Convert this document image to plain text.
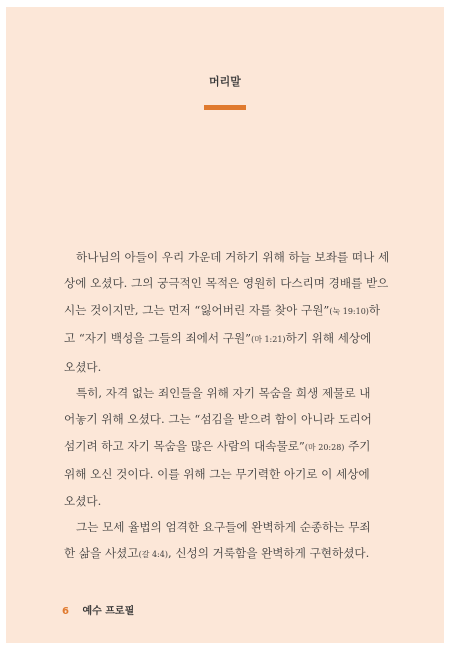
머리말
하나님의 아들이 우리 가운데 거하기 위해 하늘 보좌를 떠나 세
상에 오셨다. 그의 궁극적인 목적은 영원히 다스리며 경배를 받으
시는 것이지만, 그는 먼저 “잃어버린 자를 찾아 구원”(눅 19:10)하
고 “자기 백성을 그들의 죄에서 구원”(마 1:21)하기 위해 세상에
오셨다.
특히, 자격 없는 죄인들을 위해 자기 목숨을 희생 제물로 내
어놓기 위해 오셨다. 그는 “섬김을 받으려 함이 아니라 도리어
섬기려 하고 자기 목숨을 많은 사람의 대속물로”(마 20:28) 주기
위해 오신 것이다. 이를 위해 그는 무기력한 아기로 이 세상에
오셨다.
그는 모세 율법의 엄격한 요구들에 완벽하게 순종하는 무죄
한 삶을 사셨고(갈 4:4), 신성의 거룩함을 완벽하게 구현하셨다.
6 예수 프로필
